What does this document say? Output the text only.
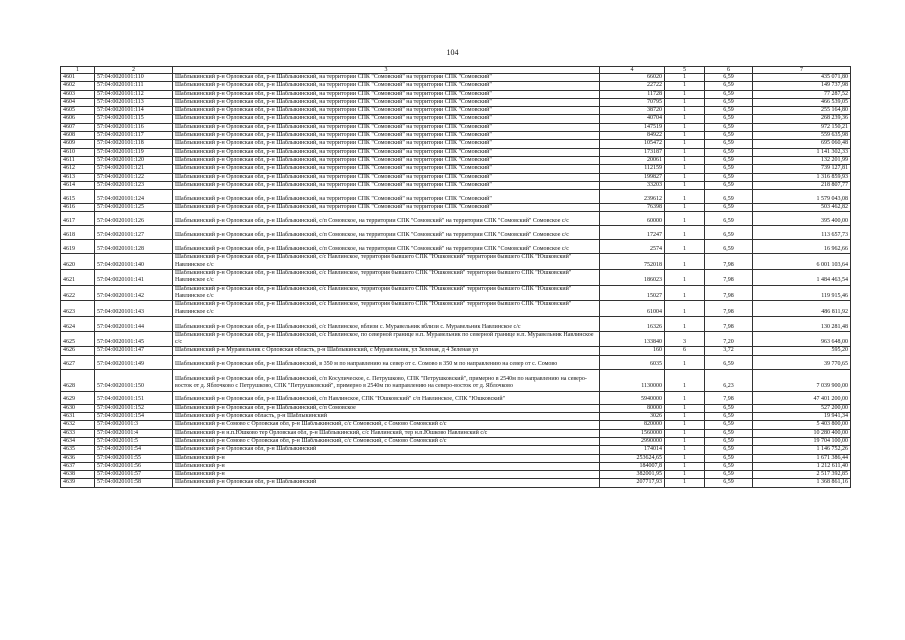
104
1	2	3	4	5	6	7
4601	57:04:0020101:110	Шаблыкинский р-н Орловская обл, р-н Шаблыкинский, на территории СПК "Сомовский" на территории СПК "Сомовский"	66020	1	6,59	435 071,80
4602	57:04:0020101:111	Шаблыкинский р-н Орловская обл, р-н Шаблыкинский, на территории СПК "Сомовский" на территории СПК "Сомовский"	22722	1	6,59	149 737,98
4603	57:04:0020101:112	Шаблыкинский р-н Орловская обл, р-н Шаблыкинский, на территории СПК "Сомовский" на территории СПК "Сомовский"	11728	1	6,59	77 287,52
4604	57:04:0020101:113	Шаблыкинский р-н Орловская обл, р-н Шаблыкинский, на территории СПК "Сомовский" на территории СПК "Сомовский"	70795	1	6,59	466 539,05
4605	57:04:0020101:114	Шаблыкинский р-н Орловская обл, р-н Шаблыкинский, на территории СПК "Сомовский" на территории СПК "Сомовский"	38720	1	6,59	255 164,80
4606	57:04:0020101:115	Шаблыкинский р-н Орловская обл, р-н Шаблыкинский, на территории СПК "Сомовский" на территории СПК "Сомовский"	40704	1	6,59	268 239,36
4607	57:04:0020101:116	Шаблыкинский р-н Орловская обл, р-н Шаблыкинский, на территории СПК "Сомовский" на территории СПК "Сомовский"	147519	1	6,59	972 150,21
4608	57:04:0020101:117	Шаблыкинский р-н Орловская обл, р-н Шаблыкинский, на территории СПК "Сомовский" на территории СПК "Сомовский"	84922	1	6,59	559 635,98
4609	57:04:0020101:118	Шаблыкинский р-н Орловская обл, р-н Шаблыкинский, на территории СПК "Сомовский" на территории СПК "Сомовский"	105472	1	6,59	695 060,48
4610	57:04:0020101:119	Шаблыкинский р-н Орловская обл, р-н Шаблыкинский, на территории СПК "Сомовский" на территории СПК "Сомовский"	173187	1	6,59	1 141 302,33
4611	57:04:0020101:120	Шаблыкинский р-н Орловская обл, р-н Шаблыкинский, на территории СПК "Сомовский" на территории СПК "Сомовский"	20061	1	6,59	132 201,99
4612	57:04:0020101:121	Шаблыкинский р-н Орловская обл, р-н Шаблыкинский, на территории СПК "Сомовский" на территории СПК "Сомовский"	112159	1	6,59	739 127,81
4613	57:04:0020101:122	Шаблыкинский р-н Орловская обл, р-н Шаблыкинский, на территории СПК "Сомовский" на территории СПК "Сомовский"	199827	1	6,59	1 316 859,93
4614	57:04:0020101:123	Шаблыкинский р-н Орловская обл, р-н Шаблыкинский, на территории СПК "Сомовский" на территории СПК "Сомовский"	33203	1	6,59	218 807,77
4615	57:04:0020101:124	Шаблыкинский р-н Орловская обл, р-н Шаблыкинский, на территории СПК "Сомовский" на территории СПК "Сомовский"	239612	1	6,59	1 579 043,08
4616	57:04:0020101:125	Шаблыкинский р-н Орловская обл, р-н Шаблыкинский, на территории СПК "Сомовский" на территории СПК "Сомовский"	76398	1	6,59	503 462,82
4617	57:04:0020101:126	Шаблыкинский р-н Орловская обл, р-н Шаблыкинский, с/п Сомовское, на территории СПК "Сомовский" на территории СПК "Сомовский" Сомовское с/с	60000	1	6,59	395 400,00
4618	57:04:0020101:127	Шаблыкинский р-н Орловская обл, р-н Шаблыкинский, с/п Сомовское, на территории СПК "Сомовский" на территории СПК "Сомовский" Сомовское с/с	17247	1	6,59	113 657,73
4619	57:04:0020101:128	Шаблыкинский р-н Орловская обл, р-н Шаблыкинский, с/п Сомовское, на территории СПК "Сомовский" на территории СПК "Сомовский" Сомовское с/с	2574	1	6,59	16 962,66
4620	57:04:0020101:140	Шаблыкинский р-н Орловская обл, р-н Шаблыкинский, с/с Навлинское, территория бывшего СПК "Юшковский" территория бывшего СПК "Юшковский" Навлинское с/с	752018	1	7,98	6 001 103,64
4621	57:04:0020101:141	Шаблыкинский р-н Орловская обл, р-н Шаблыкинский, с/с Навлинское, территория бывшего СПК "Юшковский" территория бывшего СПК "Юшковский" Навлинское с/с	186023	1	7,98	1 484 463,54
4622	57:04:0020101:142	Шаблыкинский р-н Орловская обл, р-н Шаблыкинский, с/с Навлинское, территория бывшего СПК "Юшковский" территория бывшего СПК "Юшковский" Навлинское с/с	15027	1	7,98	119 915,46
4623	57:04:0020101:143	Шаблыкинский р-н Орловская обл, р-н Шаблыкинский, с/с Навлинское, территория бывшего СПК "Юшковский" территория бывшего СПК "Юшковский" Навлинское с/с	61004	1	7,98	486 811,92
4624	57:04:0020101:144	Шаблыкинский р-н Орловская обл, р-н Шаблыкинский, с/с Навлинское, вблизи с. Муравельник вблизи с. Муравельник Навлинское с/с	16326	1	7,98	130 281,48
4625	57:04:0020101:145	Шаблыкинский р-н Орловская обл, р-н Шаблыкинский, с/с Навлинское, по северной границе н.п. Муравельник по северной границе н.п. Муравельник Навлинское с/с	133840	3	7,20	963 648,00
4626	57:04:0020101:147	Шаблыкинский р-н Муравельник с Орловская область, р-н Шаблыкинский, с Муравельник, ул Зеленая, д 4 Зеленая ул	160	6	3,72	595,20
4627	57:04:0020101:149	Шаблыкинский р-н Орловская обл, р-н Шаблыкинский, в 350 м по направлению на север от с. Сомово в 350 м по направлению на север от с. Сомово	6035	1	6,59	39 770,65
4628	57:04:0020101:150	Шаблыкинский р-н Орловская обл, р-н Шаблыкинский, с/п Косулическое, с. Петрушково, СПК "Петрушковский", примерно в 2540м по направлению на северо-восток от д. Яблочково с Петрушково, СПК "Петрушковский", примерно в 2540м по направлению на северо-восток от д. Яблочково	1130000	1	6,23	7 039 900,00
4629	57:04:0020101:151	Шаблыкинский р-н Орловская обл, р-н Шаблыкинский, с/п Навлинское, СПК "Юшковский" с/п Навлинское, СПК "Юшковский"	5940000	1	7,98	47 401 200,00
4630	57:04:0020101:152	Шаблыкинский р-н Орловская обл, р-н Шаблыкинский, с/п Сомовское	80000	1	6,59	527 200,00
4631	57:04:0020101:154	Шаблыкинский р-н Орловская область, р-н Шаблыкинский	3026	1	6,59	19 941,34
4632	57:04:0020101:3	Шаблыкинский р-н Сомово с Орловская обл, р-н Шаблыкинский, с/с Сомовский, с Сомово Сомовский с/с	820000	1	6,59	5 403 800,00
4633	57:04:0020101:4	Шаблыкинский р-н н.п.Юшково тер Орловская обл, р-н Шаблыкинский, с/с Навлинский, тер н.п.Юшково Навлинский с/с	1560000	1	6,59	10 280 400,00
4634	57:04:0020101:5	Шаблыкинский р-н Сомово с Орловская обл, р-н Шаблыкинский, с/с Сомовский, с Сомово Сомовский с/с	2990000	1	6,59	19 704 100,00
4635	57:04:0020101:54	Шаблыкинский р-н Орловская обл, р-н Шаблыкинский	174014	1	6,59	1 146 752,26
4636	57:04:0020101:55	Шаблыкинский р-н	253624,65	1	6,59	1 671 386,44
4637	57:04:0020101:56	Шаблыкинский р-н	184007,8	1	6,59	1 212 611,40
4638	57:04:0020101:57	Шаблыкинский р-н	382001,95	1	6,59	2 517 392,85
4639	57:04:0020101:58	Шаблыкинский р-н Орловская обл, р-н Шаблыкинский	207717,93	1	6,59	1 368 861,16
